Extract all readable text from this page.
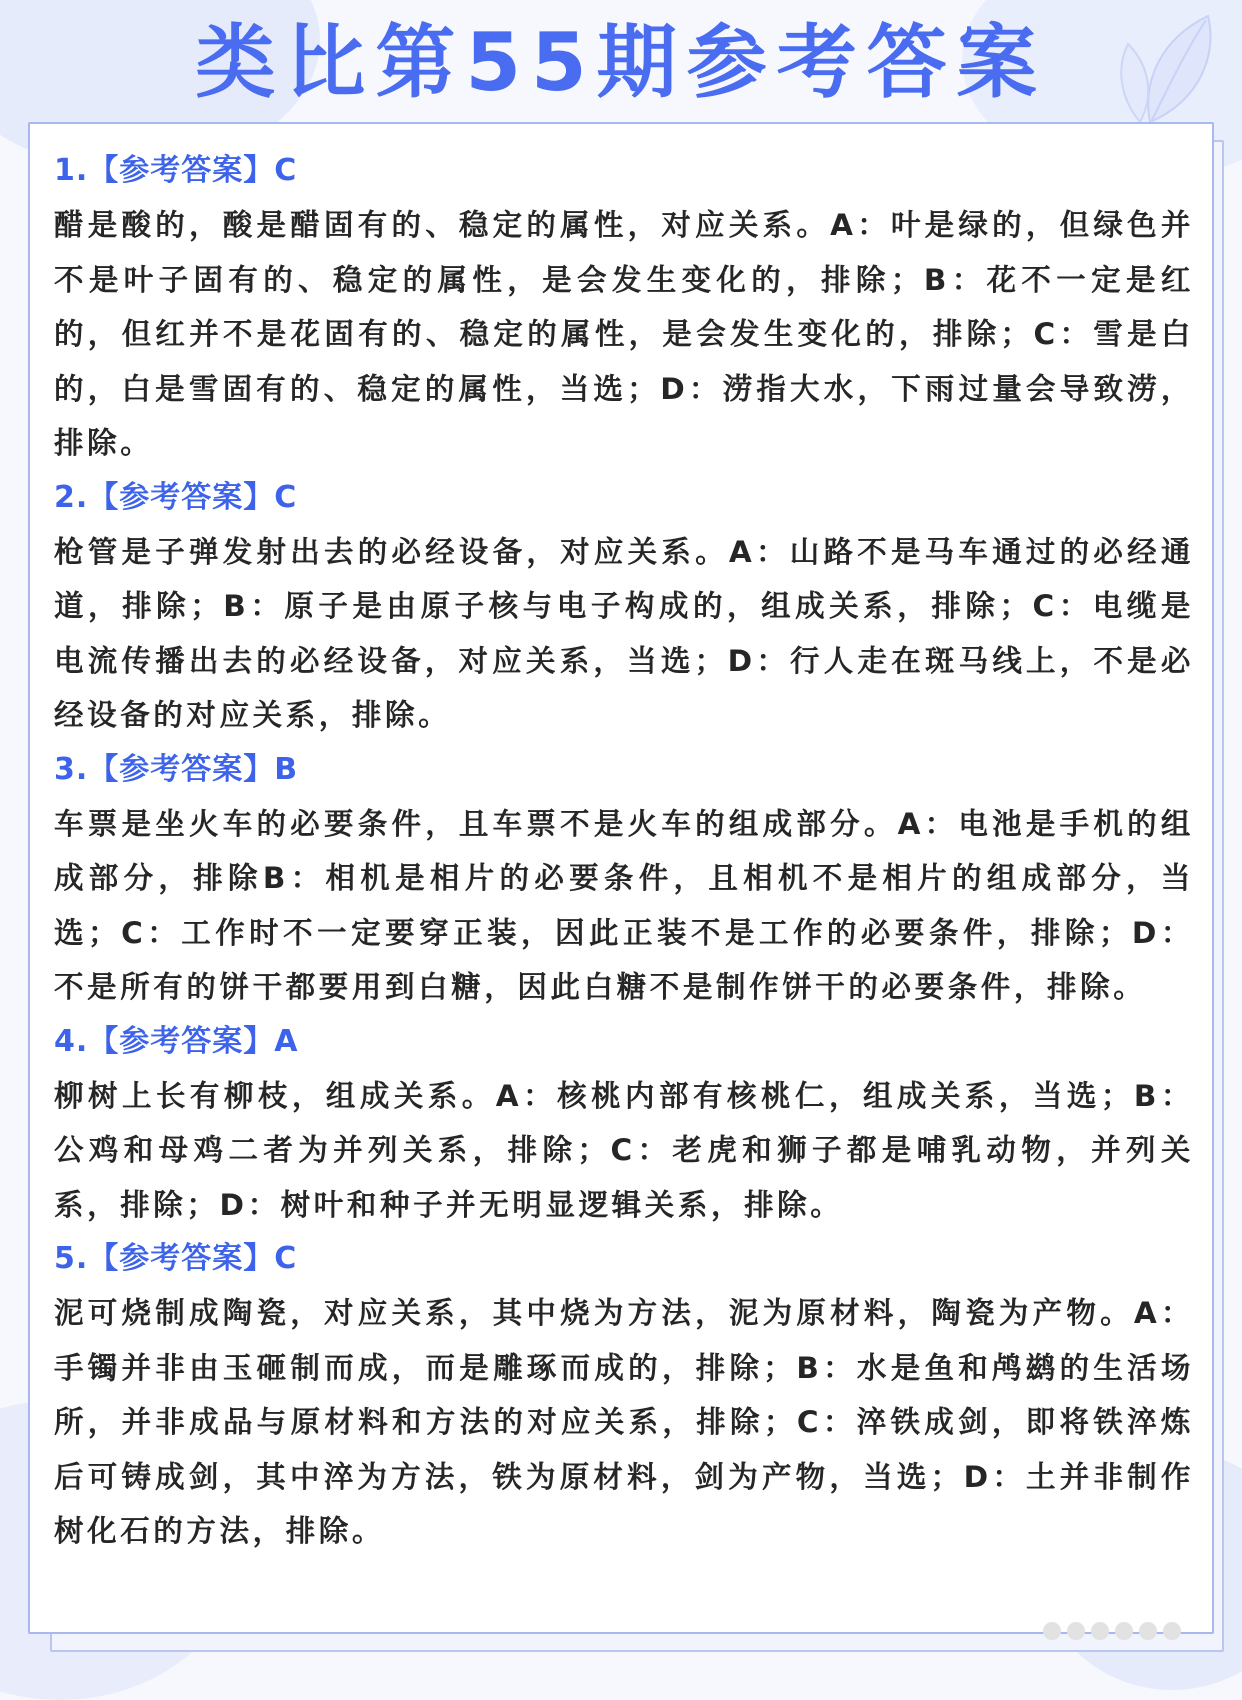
类比第55期参考答案
1.【参考答案】C

醋是酸的，酸是醋固有的、稳定的属性，对应关系。A：叶是绿的，但绿色并不是叶子固有的、稳定的属性，是会发生变化的，排除；B：花不一定是红的，但红并不是花固有的、稳定的属性，是会发生变化的，排除；C：雪是白的，白是雪固有的、稳定的属性，当选；D：涝指大水，下雨过量会导致涝，排除。

2.【参考答案】C

枪管是子弹发射出去的必经设备，对应关系。A：山路不是马车通过的必经通道，排除；B：原子是由原子核与电子构成的，组成关系，排除；C：电缆是电流传播出去的必经设备，对应关系，当选；D：行人走在斑马线上，不是必经设备的对应关系，排除。

3.【参考答案】B

车票是坐火车的必要条件，且车票不是火车的组成部分。A：电池是手机的组成部分，排除B：相机是相片的必要条件，且相机不是相片的组成部分，当选；C：工作时不一定要穿正装，因此正装不是工作的必要条件，排除；D：不是所有的饼干都要用到白糖，因此白糖不是制作饼干的必要条件，排除。

4.【参考答案】A

柳树上长有柳枝，组成关系。A：核桃内部有核桃仁，组成关系，当选；B：公鸡和母鸡二者为并列关系，排除；C：老虎和狮子都是哺乳动物，并列关系，排除；D：树叶和种子并无明显逻辑关系，排除。

5.【参考答案】C

泥可烧制成陶瓷，对应关系，其中烧为方法，泥为原材料，陶瓷为产物。A：手镯并非由玉砸制而成，而是雕琢而成的，排除；B：水是鱼和鸬鹚的生活场所，并非成品与原材料和方法的对应关系，排除；C：淬铁成剑，即将铁淬炼后可铸成剑，其中淬为方法，铁为原材料，剑为产物，当选；D：土并非制作树化石的方法，排除。
